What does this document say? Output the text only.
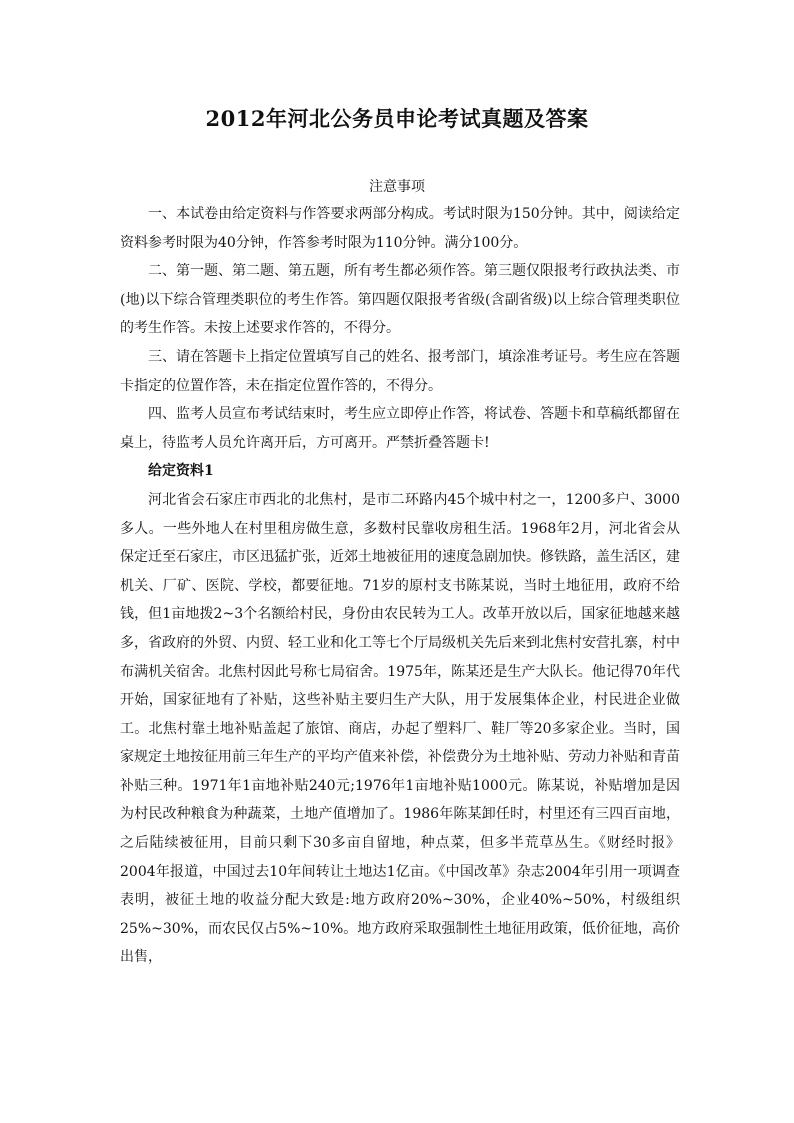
2012年河北公务员申论考试真题及答案

注意事项

一、本试卷由给定资料与作答要求两部分构成。考试时限为150分钟。其中，阅读给定资料参考时限为40分钟，作答参考时限为110分钟。满分100分。

二、第一题、第二题、第五题，所有考生都必须作答。第三题仅限报考行政执法类、市(地)以下综合管理类职位的考生作答。第四题仅限报考省级(含副省级)以上综合管理类职位的考生作答。未按上述要求作答的，不得分。

三、请在答题卡上指定位置填写自己的姓名、报考部门，填涂准考证号。考生应在答题卡指定的位置作答，未在指定位置作答的，不得分。

四、监考人员宣布考试结束时，考生应立即停止作答，将试卷、答题卡和草稿纸都留在桌上，待监考人员允许离开后，方可离开。严禁折叠答题卡!

给定资料1

河北省会石家庄市西北的北焦村，是市二环路内45个城中村之一，1200多户、3000多人。一些外地人在村里租房做生意，多数村民靠收房租生活。1968年2月，河北省会从保定迁至石家庄，市区迅猛扩张，近郊土地被征用的速度急剧加快。修铁路，盖生活区，建机关、厂矿、医院、学校，都要征地。71岁的原村支书陈某说，当时土地征用，政府不给钱，但1亩地拨2~3个名额给村民，身份由农民转为工人。改革开放以后，国家征地越来越多，省政府的外贸、内贸、轻工业和化工等七个厅局级机关先后来到北焦村安营扎寨，村中布满机关宿舍。北焦村因此号称七局宿舍。1975年，陈某还是生产大队长。他记得70年代开始，国家征地有了补贴，这些补贴主要归生产大队，用于发展集体企业，村民进企业做工。北焦村靠土地补贴盖起了旅馆、商店，办起了塑料厂、鞋厂等20多家企业。当时，国家规定土地按征用前三年生产的平均产值来补偿，补偿费分为土地补贴、劳动力补贴和青苗补贴三种。1971年1亩地补贴240元;1976年1亩地补贴1000元。陈某说，补贴增加是因为村民改种粮食为种蔬菜，土地产值增加了。1986年陈某卸任时，村里还有三四百亩地，之后陆续被征用，目前只剩下30多亩自留地，种点菜，但多半荒草丛生。《财经时报》2004年报道，中国过去10年间转让土地达1亿亩。《中国改革》杂志2004年引用一项调查表明，被征土地的收益分配大致是:地方政府20%~30%，企业40%~50%，村级组织25%~30%，而农民仅占5%~10%。地方政府采取强制性土地征用政策，低价征地，高价出售，
